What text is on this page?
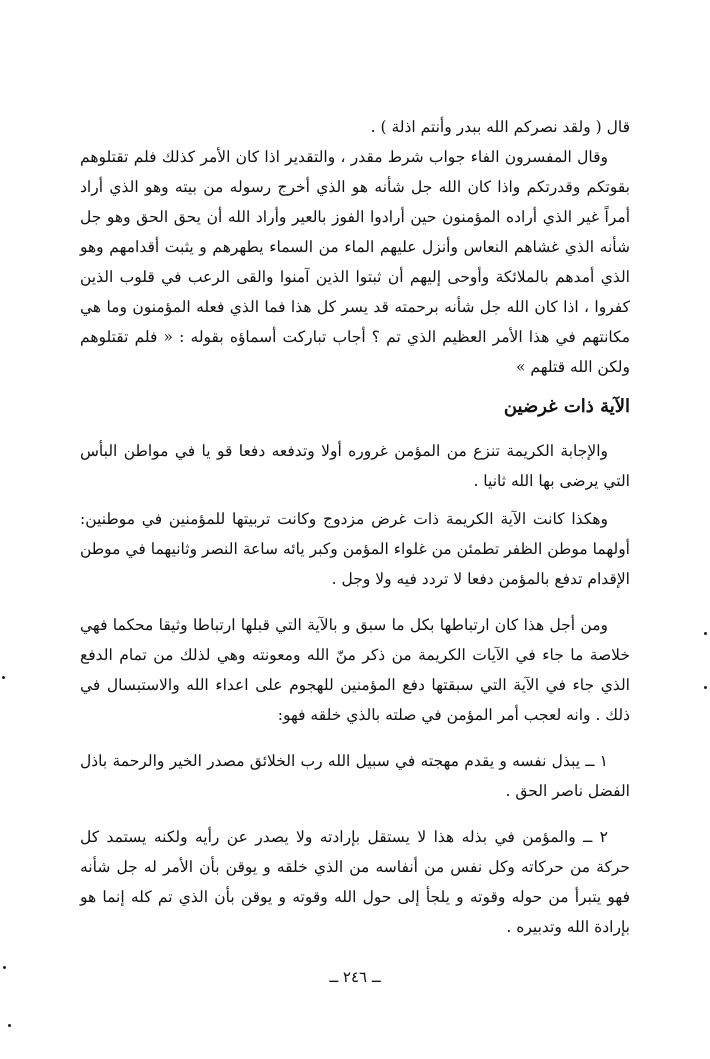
قال ( ولقد نصركم الله ببدر وأنتم اذلة ) .

وقال المفسرون الفاء جواب شرط مقدر ، والتقدير اذا كان الأمر كذلك فلم تقتلوهم بقوتكم وقدرتكم واذا كان الله جل شأنه هو الذي أخرج رسوله من بيته وهو الذي أراد أمراً غير الذي أراده المؤمنون حين أرادوا الفوز بالعير وأراد الله أن يحق الحق وهو جل شأنه الذي غشاهم النعاس وأنزل عليهم الماء من السماء يطهرهم و يثبت أقدامهم وهو الذي أمدهم بالملائكة وأوحى إليهم أن ثبتوا الذين آمنوا والقى الرعب في قلوب الذين كفروا ، اذا كان الله جل شأنه برحمته قد يسر كل هذا فما الذي فعله المؤمنون وما هي مكانتهم في هذا الأمر العظيم الذي تم ؟ أجاب تباركت أسماؤه بقوله : « فلم تقتلوهم ولكن الله قتلهم »

الآية ذات غرضين

والإجابة الكريمة تنزع من المؤمن غروره أولا وتدفعه دفعا قو يا في مواطن البأس التي يرضى بها الله ثانيا .

وهكذا كانت الآية الكريمة ذات غرض مزدوج وكانت تربيتها للمؤمنين في موطنين: أولهما موطن الظفر تطمئن من غلواء المؤمن وكبر يائه ساعة النصر وثانيهما في موطن الإقدام تدفع بالمؤمن دفعا لا تردد فيه ولا وجل .

ومن أجل هذا كان ارتباطها بكل ما سبق و بالآية التي قبلها ارتباطا وثيقا محكما فهي خلاصة ما جاء في الآيات الكريمة من ذكر منّ الله ومعونته وهي لذلك من تمام الدفع الذي جاء في الآية التي سبقتها دفع المؤمنين للهجوم على اعداء الله والاستبسال في ذلك . وانه لعجب أمر المؤمن في صلته بالذي خلقه فهو:

١ ــ يبذل نفسه و يقدم مهجته في سبيل الله رب الخلائق مصدر الخير والرحمة باذل الفضل ناصر الحق .

٢ ــ والمؤمن في بذله هذا لا يستقل بإرادته ولا يصدر عن رأيه ولكنه يستمد كل حركة من حركاته وكل نفس من أنفاسه من الذي خلقه و يوقن بأن الأمر له جل شأنه فهو يتبرأ من حوله وقوته و يلجأ إلى حول الله وقوته و يوقن بأن الذي تم كله إنما هو بإرادة الله وتدبيره .

ــ ٢٤٦ ــ
